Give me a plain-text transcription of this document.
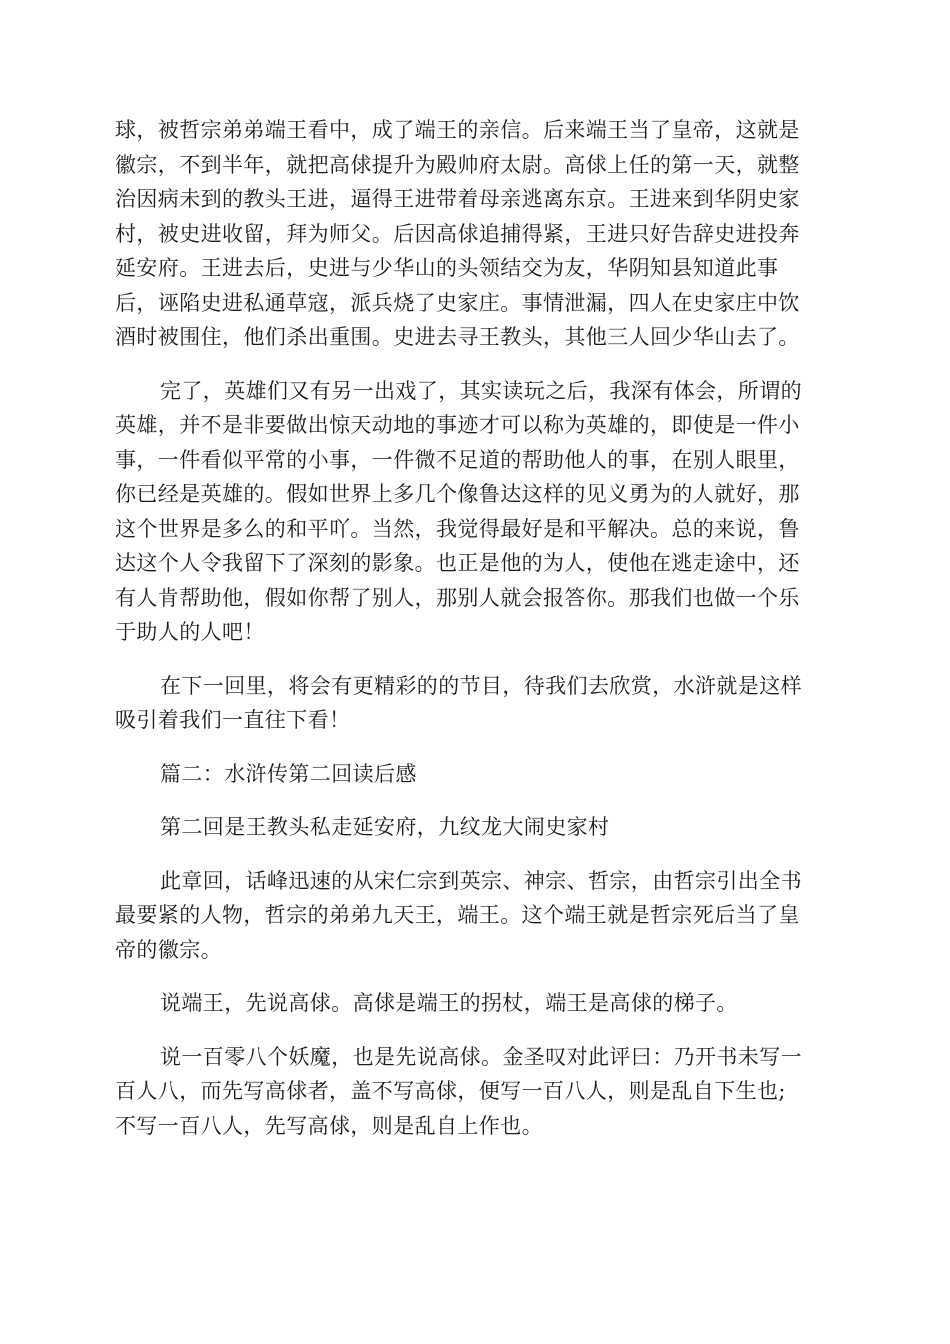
球，被哲宗弟弟端王看中，成了端王的亲信。后来端王当了皇帝，这就是
徽宗，不到半年，就把高俅提升为殿帅府太尉。高俅上任的第一天，就整
治因病未到的教头王进，逼得王进带着母亲逃离东京。王进来到华阴史家
村，被史进收留，拜为师父。后因高俅追捕得紧，王进只好告辞史进投奔
延安府。王进去后，史进与少华山的头领结交为友，华阴知县知道此事
后，诬陷史进私通草寇，派兵烧了史家庄。事情泄漏，四人在史家庄中饮
酒时被围住，他们杀出重围。史进去寻王教头，其他三人回少华山去了。
完了，英雄们又有另一出戏了，其实读玩之后，我深有体会，所谓的
英雄，并不是非要做出惊天动地的事迹才可以称为英雄的，即使是一件小
事，一件看似平常的小事，一件微不足道的帮助他人的事，在别人眼里，
你已经是英雄的。假如世界上多几个像鲁达这样的见义勇为的人就好，那
这个世界是多么的和平吖。当然，我觉得最好是和平解决。总的来说，鲁
达这个人令我留下了深刻的影象。也正是他的为人，使他在逃走途中，还
有人肯帮助他，假如你帮了别人，那别人就会报答你。那我们也做一个乐
于助人的人吧！
在下一回里，将会有更精彩的的节目，待我们去欣赏，水浒就是这样
吸引着我们一直往下看！
篇二：水浒传第二回读后感
第二回是王教头私走延安府，九纹龙大闹史家村
此章回，话峰迅速的从宋仁宗到英宗、神宗、哲宗，由哲宗引出全书
最要紧的人物，哲宗的弟弟九天王，端王。这个端王就是哲宗死后当了皇
帝的徽宗。
说端王，先说高俅。高俅是端王的拐杖，端王是高俅的梯子。
说一百零八个妖魔，也是先说高俅。金圣叹对此评曰：乃开书未写一
百人八，而先写高俅者，盖不写高俅，便写一百八人，则是乱自下生也;
不写一百八人，先写高俅，则是乱自上作也。
